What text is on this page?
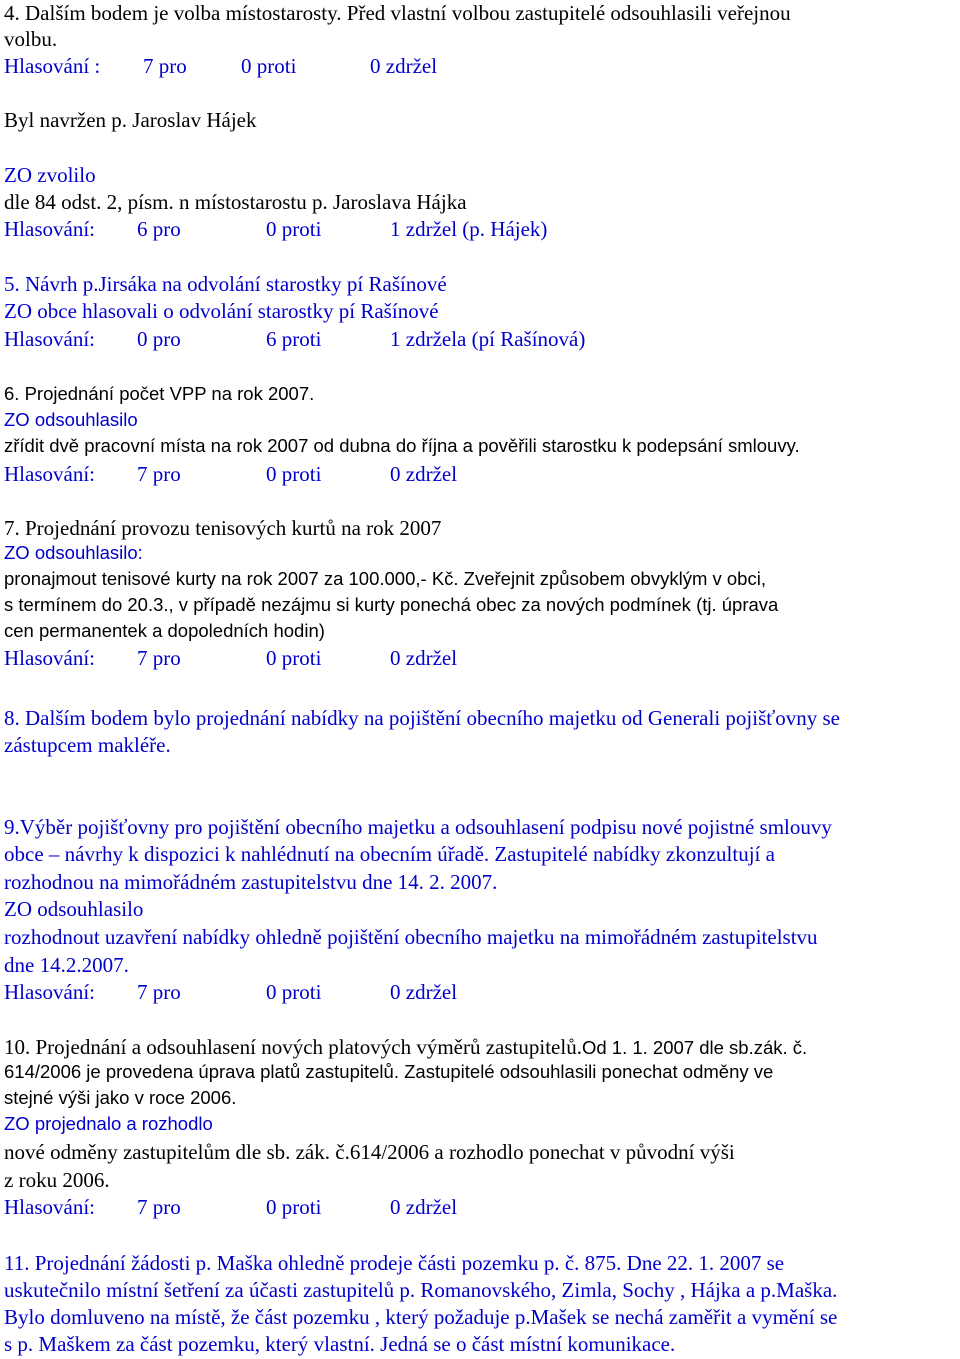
4. Dalším bodem je volba místostarosty. Před vlastní volbou zastupitelé odsouhlasili veřejnou
volbu.
Hlasování : 7 pro	0 proti	0 zdržel
Byl navržen p. Jaroslav Hájek
ZO zvolilo
dle 84 odst. 2, písm. n místostarostu p. Jaroslava Hájka
Hlasování: 6 pro	0 proti	1 zdržel (p. Hájek)
5. Návrh p.Jirsáka na odvolání starostky pí Rašínové
ZO obce hlasovali o odvolání starostky pí Rašínové
Hlasování: 0 pro	6 proti	1 zdržela (pí Rašínová)
6. Projednání počet VPP na rok 2007.
ZO odsouhlasilo
zřídit dvě pracovní místa na rok 2007 od dubna do října a pověřili starostku k podepsání smlouvy.
Hlasování: 7 pro	0 proti	0 zdržel
7. Projednání provozu tenisových kurtů na rok 2007
ZO odsouhlasilo:
pronajmout tenisové kurty na rok 2007 za 100.000,- Kč. Zveřejnit způsobem obvyklým v obci,
s termínem do 20.3., v případě nezájmu si kurty ponechá obec za nových podmínek (tj. úprava
cen permanentek a dopoledních hodin)
Hlasování: 7 pro	0 proti	0 zdržel
8. Dalším bodem bylo projednání nabídky na pojištění obecního majetku od Generali pojišťovny se
zástupcem makléře.
9.Výběr pojišťovny pro pojištění obecního majetku a odsouhlasení podpisu nové pojistné smlouvy
obce – návrhy k dispozici k nahlédnutí na obecním úřadě. Zastupitelé nabídky zkonzultují a
rozhodnou na mimořádném zastupitelstvu dne 14. 2. 2007.
ZO odsouhlasilo
rozhodnout uzavření nabídky ohledně pojištění obecního majetku na mimořádném zastupitelstvu
dne 14.2.2007.
Hlasování: 7 pro	0 proti	0 zdržel
10. Projednání a odsouhlasení nových platových výměrů zastupitelů.Od 1. 1. 2007 dle sb.zák. č.
614/2006 je provedena úprava platů zastupitelů. Zastupitelé odsouhlasili ponechat odměny ve
stejné výši jako v roce 2006.
ZO projednalo a rozhodlo
nové odměny zastupitelům dle sb. zák. č.614/2006 a rozhodlo ponechat v původní výši
z roku 2006.
Hlasování: 7 pro	0 proti	0 zdržel
11. Projednání žádosti p. Maška ohledně prodeje části pozemku p. č. 875. Dne 22. 1. 2007 se
uskutečnilo místní šetření za účasti zastupitelů p. Romanovského, Zimla, Sochy , Hájka a p.Maška.
Bylo domluveno na místě, že část pozemku , který požaduje p.Mašek se nechá zaměřit a vymění se
s p. Maškem za část pozemku, který vlastní. Jedná se o část místní komunikace.
